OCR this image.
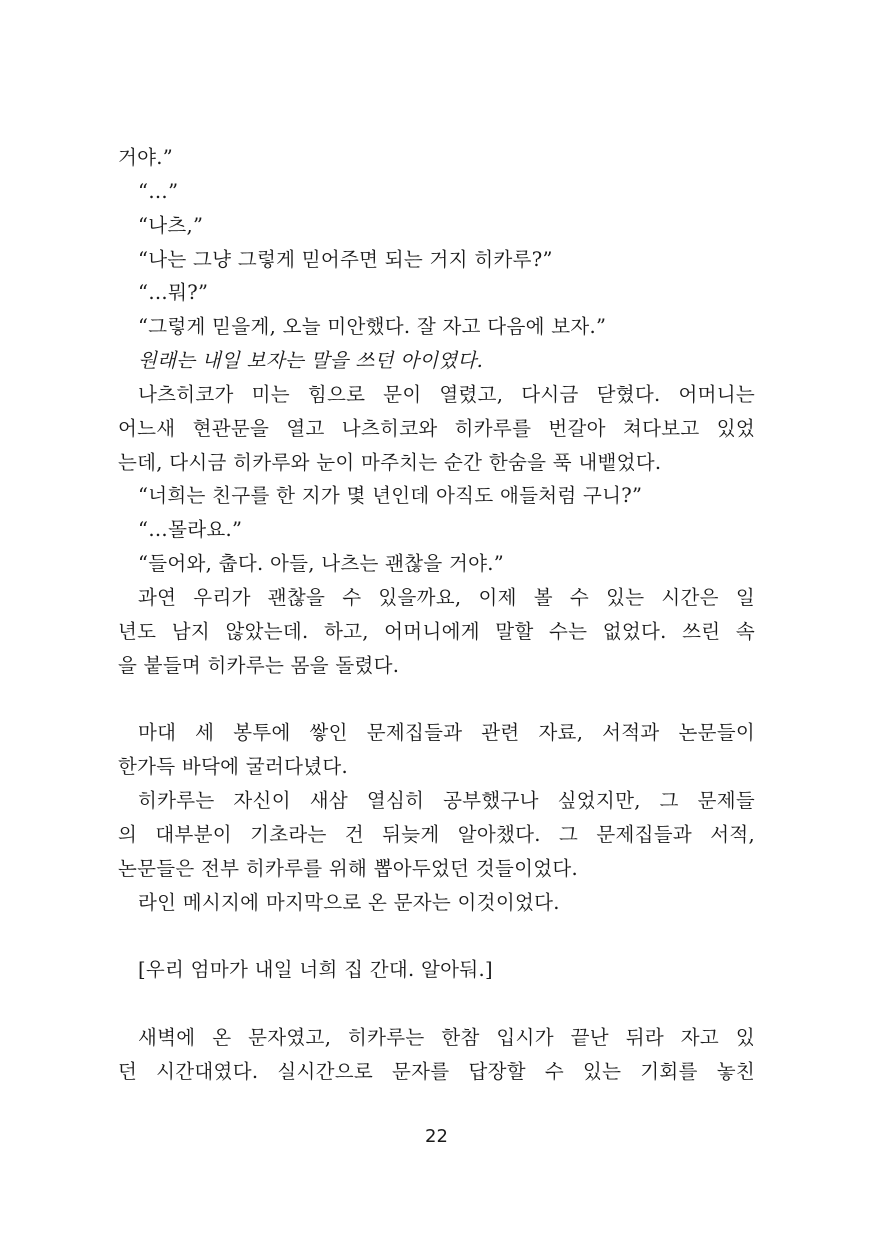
거야.”
“…”
“나츠,”
“나는 그냥 그렇게 믿어주면 되는 거지 히카루?”
“…뭐?”
“그렇게 믿을게, 오늘 미안했다. 잘 자고 다음에 보자.”
원래는 내일 보자는 말을 쓰던 아이였다.
나츠히코가 미는 힘으로 문이 열렸고, 다시금 닫혔다. 어머니는
어느새 현관문을 열고 나츠히코와 히카루를 번갈아 쳐다보고 있었
는데, 다시금 히카루와 눈이 마주치는 순간 한숨을 푹 내뱉었다.
“너희는 친구를 한 지가 몇 년인데 아직도 애들처럼 구니?”
“…몰라요.”
“들어와, 춥다. 아들, 나츠는 괜찮을 거야.”
과연 우리가 괜찮을 수 있을까요, 이제 볼 수 있는 시간은 일
년도 남지 않았는데. 하고, 어머니에게 말할 수는 없었다. 쓰린 속
을 붙들며 히카루는 몸을 돌렸다.
마대 세 봉투에 쌓인 문제집들과 관련 자료, 서적과 논문들이
한가득 바닥에 굴러다녔다.
히카루는 자신이 새삼 열심히 공부했구나 싶었지만, 그 문제들
의 대부분이 기초라는 건 뒤늦게 알아챘다. 그 문제집들과 서적,
논문들은 전부 히카루를 위해 뽑아두었던 것들이었다.
라인 메시지에 마지막으로 온 문자는 이것이었다.
[우리 엄마가 내일 너희 집 간대. 알아둬.]
새벽에 온 문자였고, 히카루는 한참 입시가 끝난 뒤라 자고 있
던 시간대였다. 실시간으로 문자를 답장할 수 있는 기회를 놓친
22
